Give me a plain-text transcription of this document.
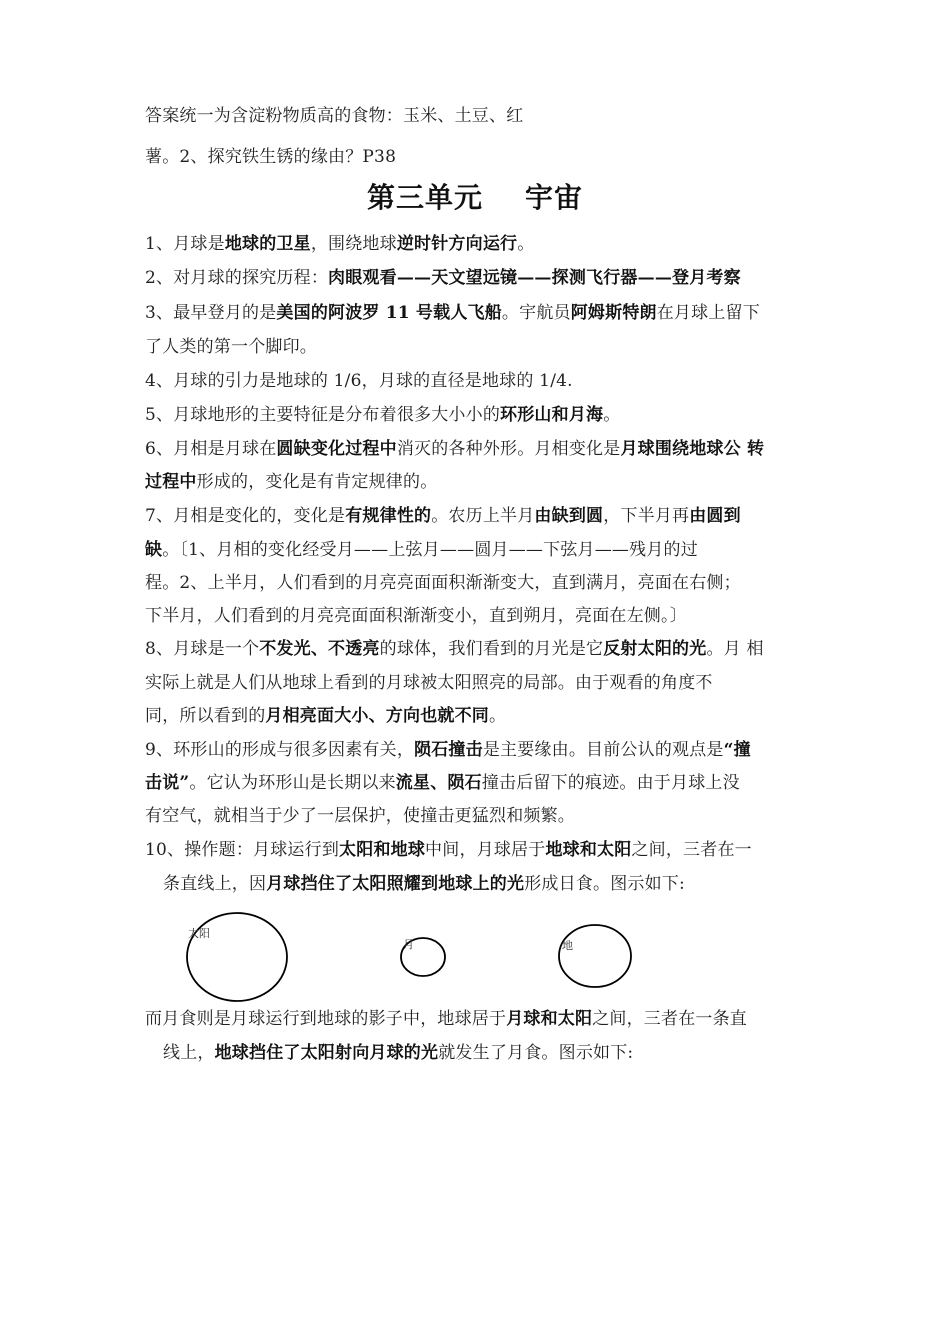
答案统一为含淀粉物质高的食物：玉米、土豆、红
薯。2、探究铁生锈的缘由？P38
第三单元 宇宙
1、月球是地球的卫星，围绕地球逆时针方向运行。
2、对月球的探究历程：肉眼观看——天文望远镜——探测飞行器——登月考察
3、最早登月的是美国的阿波罗 11 号载人飞船。宇航员阿姆斯特朗在月球上留下
了人类的第一个脚印。
4、月球的引力是地球的 1/6，月球的直径是地球的 1/4.
5、月球地形的主要特征是分布着很多大小小的环形山和月海。
6、月相是月球在圆缺变化过程中消灭的各种外形。月相变化是月球围绕地球公 转
过程中形成的，变化是有肯定规律的。
7、月相是变化的，变化是有规律性的。农历上半月由缺到圆，下半月再由圆到
缺。〔1、月相的变化经受月——上弦月——圆月——下弦月——残月的过
程。2、上半月，人们看到的月亮亮面面积渐渐变大，直到满月，亮面在右侧；
下半月，人们看到的月亮亮面面积渐渐变小，直到朔月，亮面在左侧。〕
8、月球是一个不发光、不透亮的球体，我们看到的月光是它反射太阳的光。月 相
实际上就是人们从地球上看到的月球被太阳照亮的局部。由于观看的角度不
同，所以看到的月相亮面大小、方向也就不同。
9、环形山的形成与很多因素有关，陨石撞击是主要缘由。目前公认的观点是“撞
击说”。它认为环形山是长期以来流星、陨石撞击后留下的痕迹。由于月球上没
有空气，就相当于少了一层保护，使撞击更猛烈和频繁。
10、操作题：月球运行到太阳和地球中间，月球居于地球和太阳之间，三者在一
条直线上，因月球挡住了太阳照耀到地球上的光形成日食。图示如下:
太阳
月	地
而月食则是月球运行到地球的影子中，地球居于月球和太阳之间，三者在一条直
线上，地球挡住了太阳射向月球的光就发生了月食。图示如下:
